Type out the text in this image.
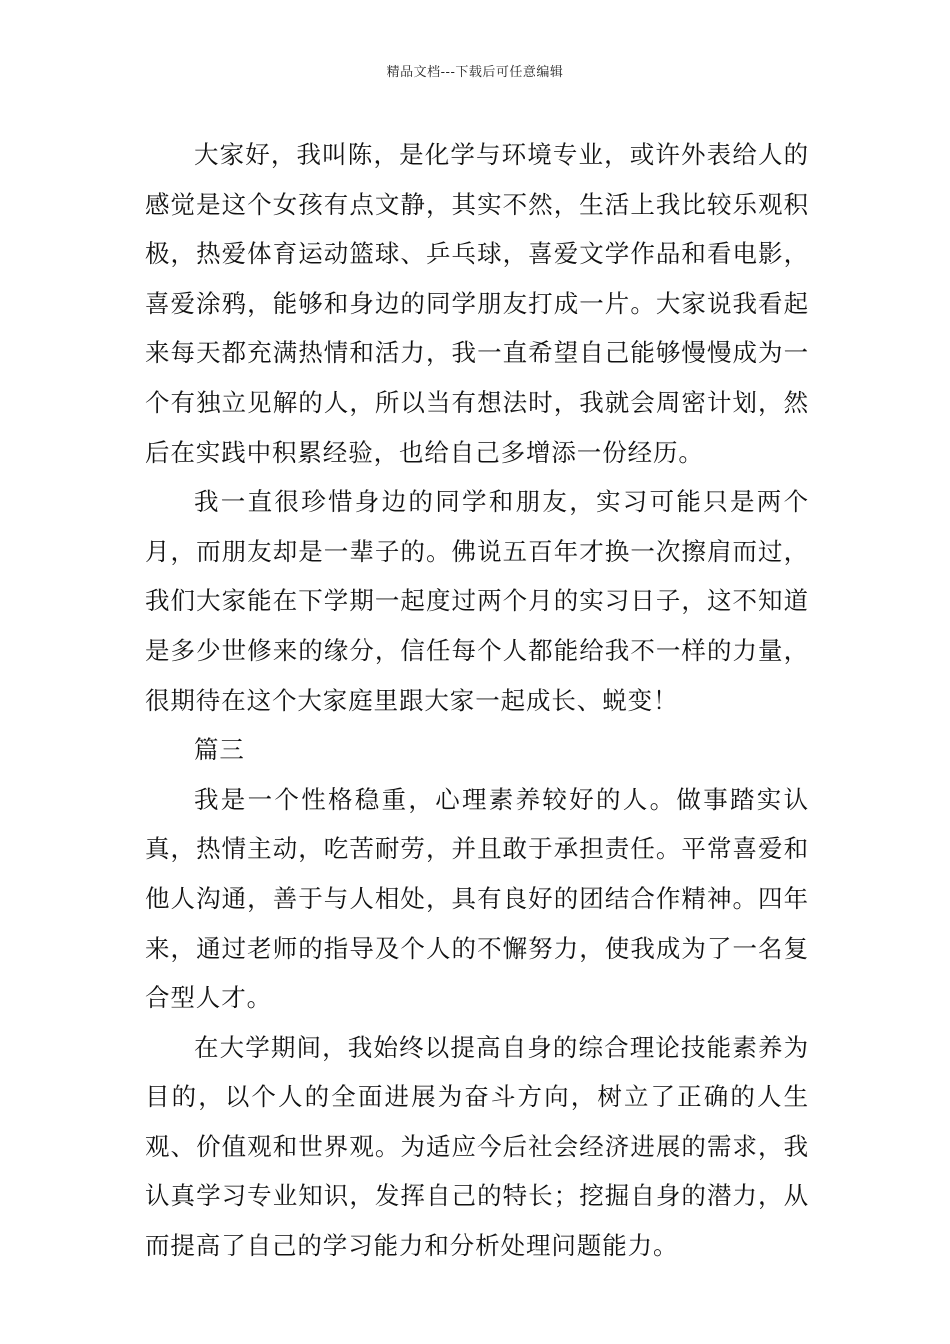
精品文档---下载后可任意编辑

大家好，我叫陈，是化学与环境专业，或许外表给人的感觉是这个女孩有点文静，其实不然，生活上我比较乐观积极，热爱体育运动篮球、乒乓球，喜爱文学作品和看电影，喜爱涂鸦，能够和身边的同学朋友打成一片。大家说我看起来每天都充满热情和活力，我一直希望自己能够慢慢成为一个有独立见解的人，所以当有想法时，我就会周密计划，然后在实践中积累经验，也给自己多增添一份经历。

我一直很珍惜身边的同学和朋友，实习可能只是两个月，而朋友却是一辈子的。佛说五百年才换一次擦肩而过，我们大家能在下学期一起度过两个月的实习日子，这不知道是多少世修来的缘分，信任每个人都能给我不一样的力量，很期待在这个大家庭里跟大家一起成长、蜕变！

篇三

我是一个性格稳重，心理素养较好的人。做事踏实认真，热情主动，吃苦耐劳，并且敢于承担责任。平常喜爱和他人沟通，善于与人相处，具有良好的团结合作精神。四年来，通过老师的指导及个人的不懈努力，使我成为了一名复合型人才。

在大学期间，我始终以提高自身的综合理论技能素养为目的，以个人的全面进展为奋斗方向，树立了正确的人生观、价值观和世界观。为适应今后社会经济进展的需求，我认真学习专业知识，发挥自己的特长；挖掘自身的潜力，从而提高了自己的学习能力和分析处理问题能力。
